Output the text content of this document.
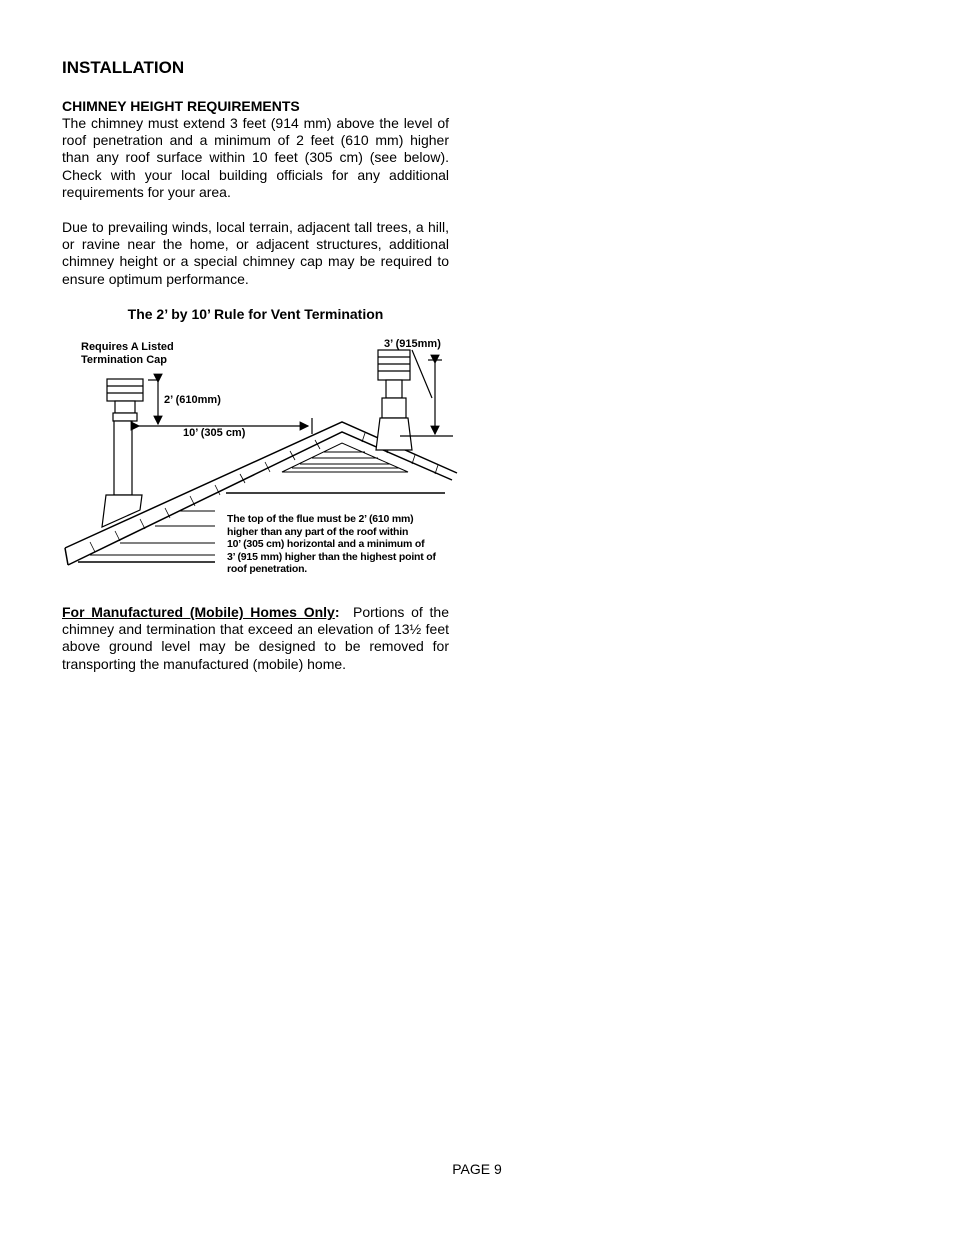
INSTALLATION
CHIMNEY HEIGHT REQUIREMENTS

The chimney must extend 3 feet (914 mm) above the level of roof penetration and a minimum of 2 feet (610 mm) higher than any roof surface within 10 feet (305 cm) (see below). Check with your local building officials for any additional requirements for your area.

Due to prevailing winds, local terrain, adjacent tall trees, a hill, or ravine near the home, or adjacent structures, additional chimney height or a special chimney cap may be required to ensure optimum performance.

The 2’ by 10’ Rule for Vent Termination

Requires A Listed
Termination Cap

3’ (915mm)

2’ (610mm)

10’ (305 cm)

The top of the flue must be 2’ (610 mm)
higher than any part of the roof within
10’ (305 cm) horizontal and a minimum of
3’ (915 mm) higher than the highest point of
roof penetration.

For Manufactured (Mobile) Homes Only: Portions of the chimney and termination that exceed an elevation of 13½ feet above ground level may be designed to be removed for transporting the manufactured (mobile) home.

PAGE 9
